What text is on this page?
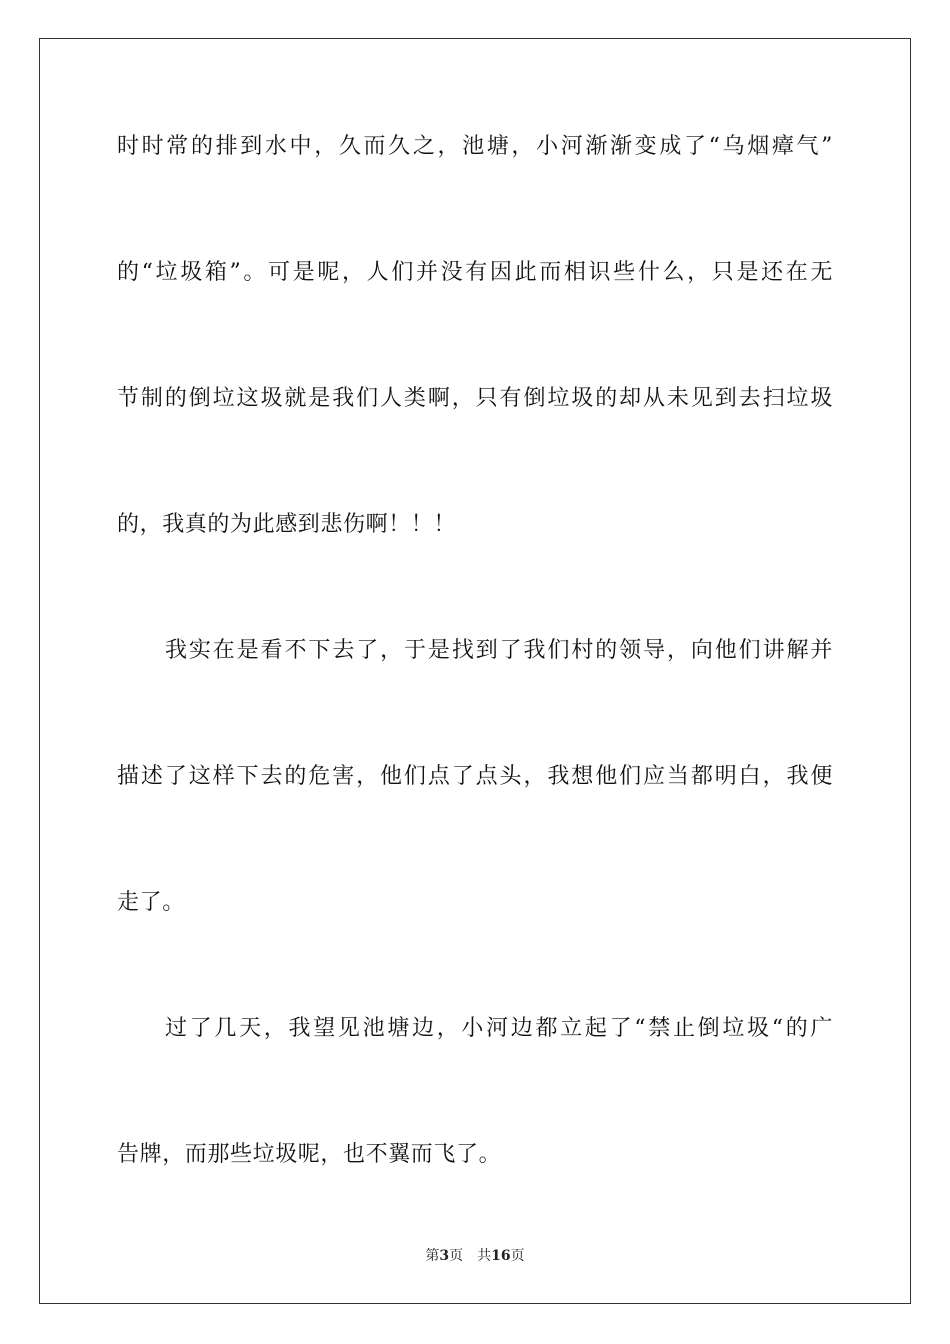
时时常的排到水中，久而久之，池塘，小河渐渐变成了“乌烟瘴气”
的“垃圾箱”。可是呢，人们并没有因此而相识些什么，只是还在无
节制的倒垃这圾就是我们人类啊，只有倒垃圾的却从未见到去扫垃圾
的，我真的为此感到悲伤啊！！！
我实在是看不下去了，于是找到了我们村的领导，向他们讲解并
描述了这样下去的危害，他们点了点头，我想他们应当都明白，我便
走了。
过了几天，我望见池塘边，小河边都立起了“禁止倒垃圾“的广
告牌，而那些垃圾呢，也不翼而飞了。
第3页 共16页
